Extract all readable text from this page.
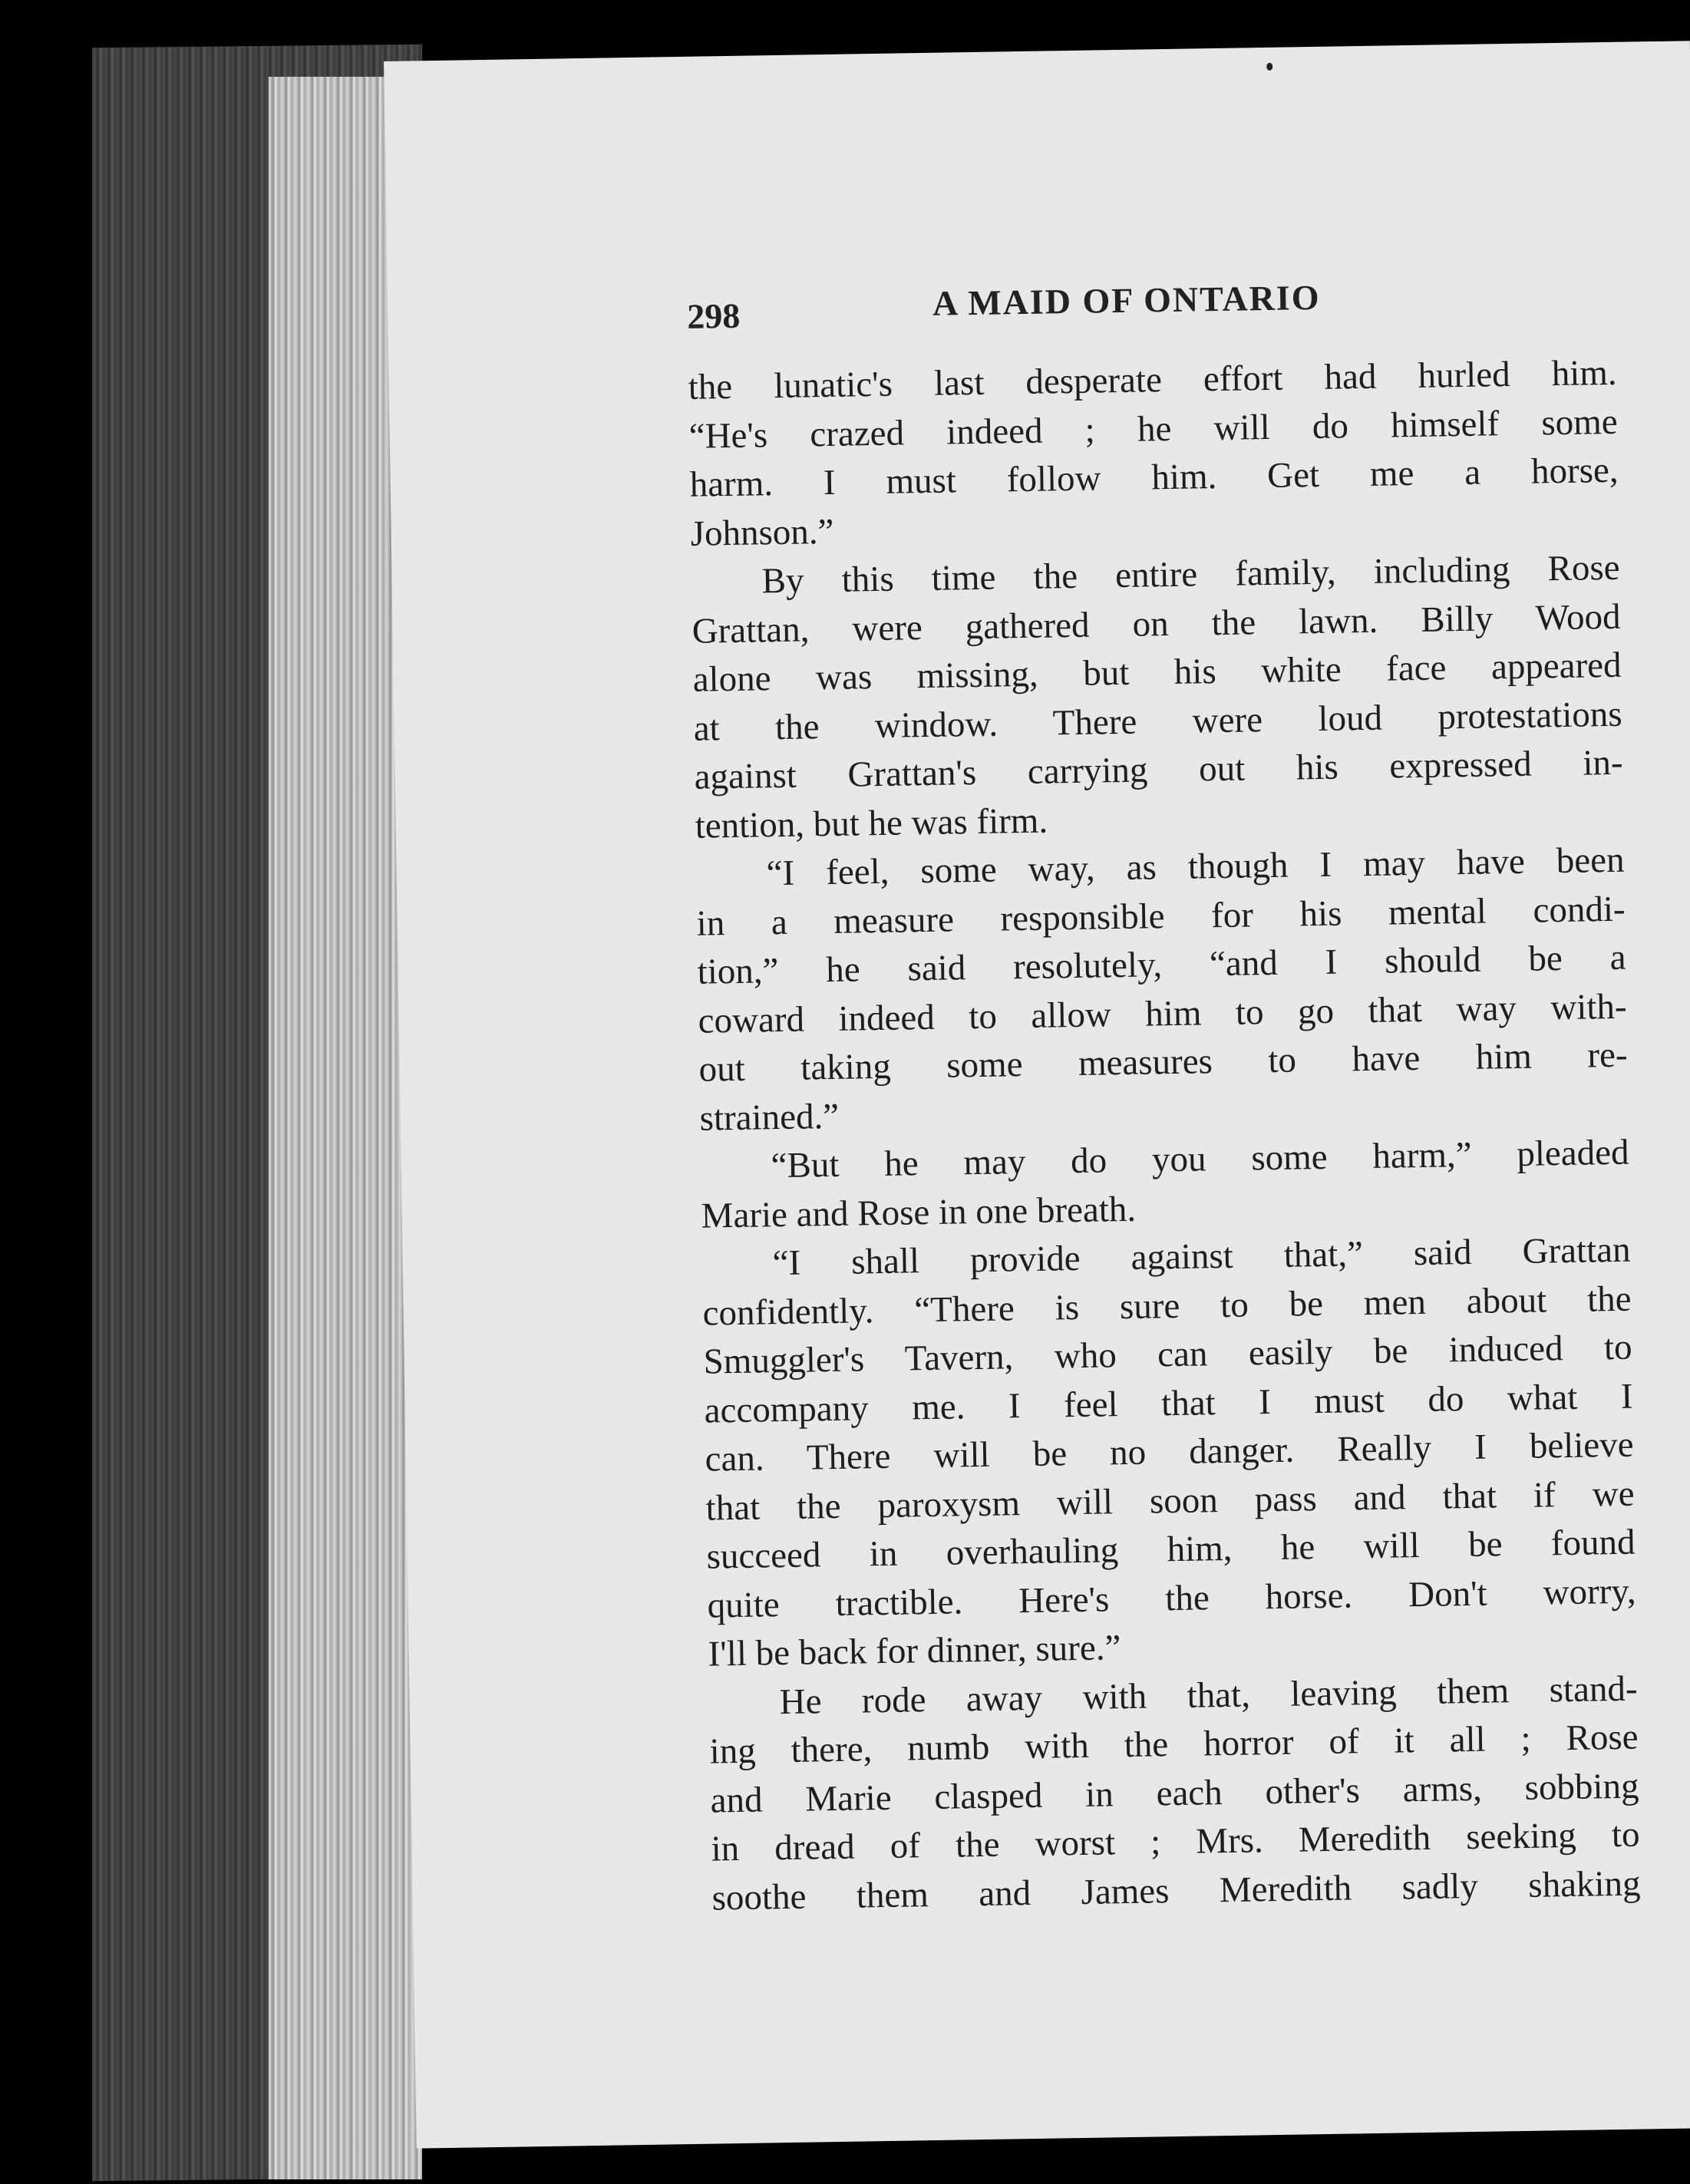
298	A MAID OF ONTARIO
the lunatic's last desperate effort had hurled him.
“He's crazed indeed ; he will do himself some
harm. I must follow him. Get me a horse,
Johnson.”
By this time the entire family, including Rose
Grattan, were gathered on the lawn. Billy Wood
alone was missing, but his white face appeared
at the window. There were loud protestations
against Grattan's carrying out his expressed in-
tention, but he was firm.
“I feel, some way, as though I may have been
in a measure responsible for his mental condi-
tion,” he said resolutely, “and I should be a
coward indeed to allow him to go that way with-
out taking some measures to have him re-
strained.”
“But he may do you some harm,” pleaded
Marie and Rose in one breath.
“I shall provide against that,” said Grattan
confidently. “There is sure to be men about the
Smuggler's Tavern, who can easily be induced to
accompany me. I feel that I must do what I
can. There will be no danger. Really I believe
that the paroxysm will soon pass and that if we
succeed in overhauling him, he will be found
quite tractible. Here's the horse. Don't worry,
I'll be back for dinner, sure.”
He rode away with that, leaving them stand-
ing there, numb with the horror of it all ; Rose
and Marie clasped in each other's arms, sobbing
in dread of the worst ; Mrs. Meredith seeking to
soothe them and James Meredith sadly shaking
